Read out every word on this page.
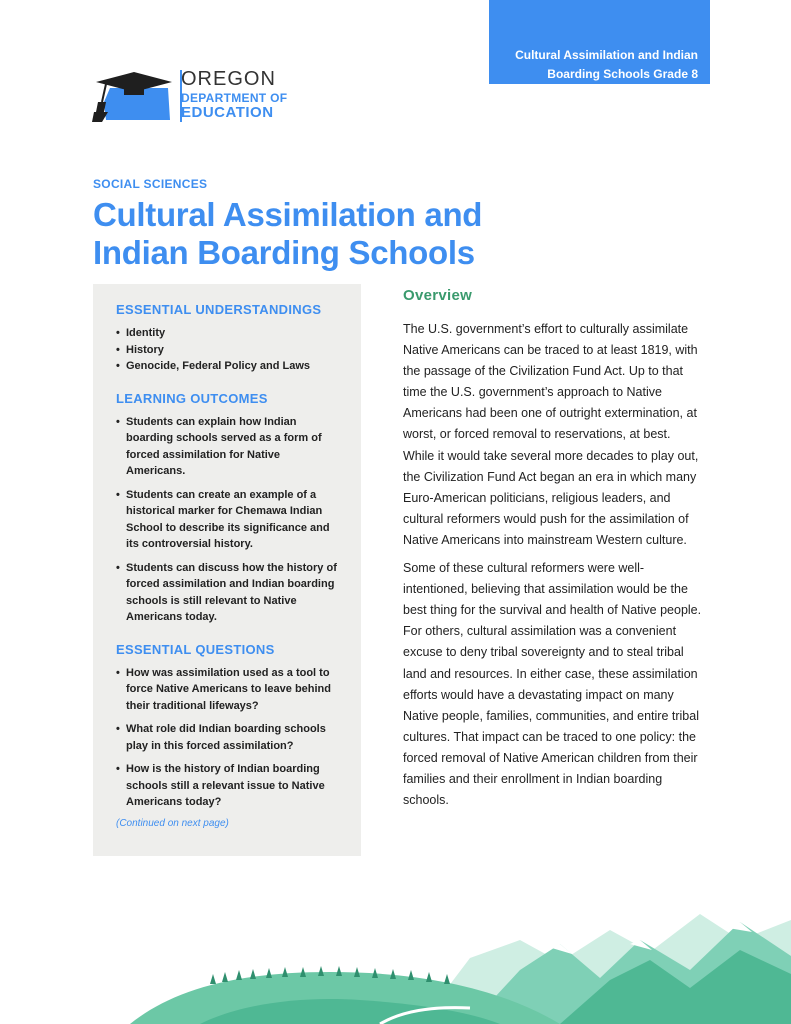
Cultural Assimilation and Indian
Boarding Schools Grade 8
OREGON
DEPARTMENT OF
EDUCATION
SOCIAL SCIENCES
Cultural Assimilation and
Indian Boarding Schools
ESSENTIAL UNDERSTANDINGS
• Identity
• History
• Genocide, Federal Policy and Laws
LEARNING OUTCOMES
• Students can explain how Indian boarding schools served as a form of forced assimilation for Native Americans.
• Students can create an example of a historical marker for Chemawa Indian School to describe its significance and its controversial history.
• Students can discuss how the history of forced assimilation and Indian boarding schools is still relevant to Native Americans today.
ESSENTIAL QUESTIONS
• How was assimilation used as a tool to force Native Americans to leave behind their traditional lifeways?
• What role did Indian boarding schools play in this forced assimilation?
• How is the history of Indian boarding schools still a relevant issue to Native Americans today?
(Continued on next page)
Overview

The U.S. government’s effort to culturally assimilate Native Americans can be traced to at least 1819, with the passage of the Civilization Fund Act. Up to that time the U.S. government’s approach to Native Americans had been one of outright extermination, at worst, or forced removal to reservations, at best. While it would take several more decades to play out, the Civilization Fund Act began an era in which many Euro-American politicians, religious leaders, and cultural reformers would push for the assimilation of Native Americans into mainstream Western culture.

Some of these cultural reformers were well-intentioned, believing that assimilation would be the best thing for the survival and health of Native people. For others, cultural assimilation was a convenient excuse to deny tribal sovereignty and to steal tribal land and resources. In either case, these assimilation efforts would have a devastating impact on many Native people, families, communities, and entire tribal cultures. That impact can be traced to one policy: the forced removal of Native American children from their families and their enrollment in Indian boarding schools.
